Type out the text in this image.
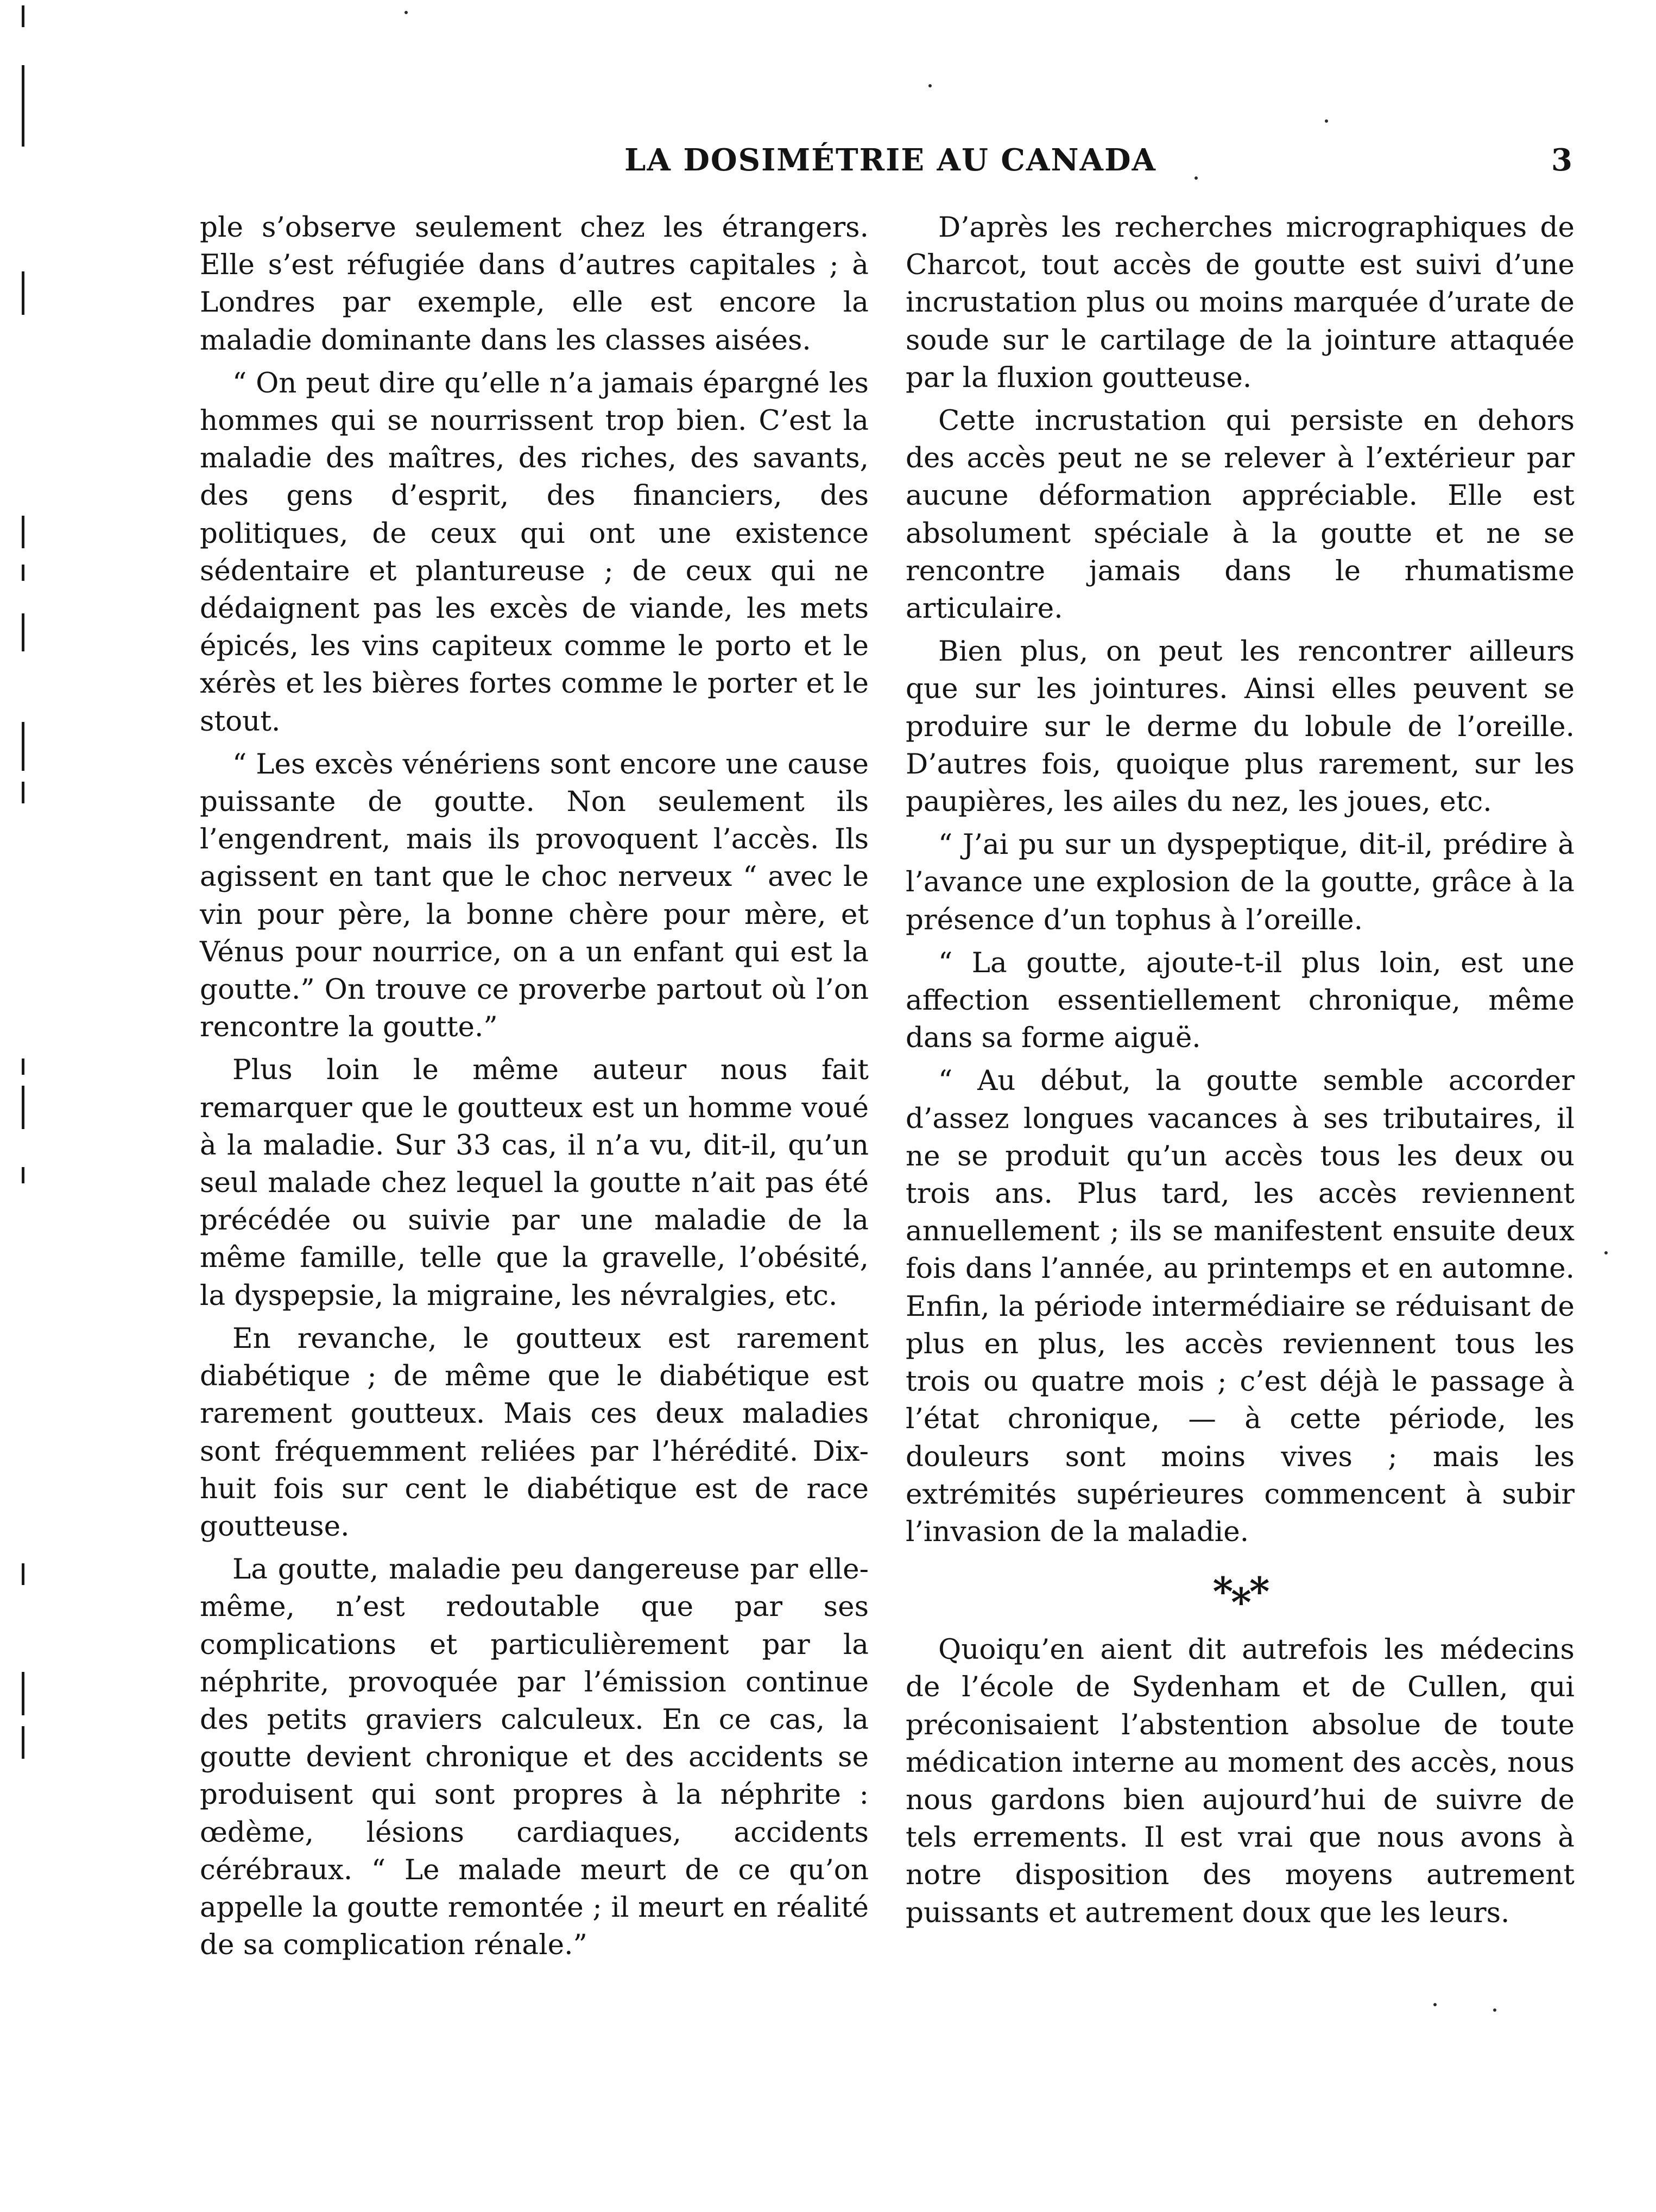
LA DOSIMÉTRIE AU CANADA	3

ple s’observe seulement chez les étrangers. Elle s’est réfugiée dans d’autres capitales ; à Londres par exemple, elle est encore la maladie dominante dans les classes aisées.

“ On peut dire qu’elle n’a jamais épargné les hommes qui se nourrissent trop bien. C’est la maladie des maîtres, des riches, des savants, des gens d’esprit, des financiers, des politiques, de ceux qui ont une existence sédentaire et plantureuse ; de ceux qui ne dédaignent pas les excès de viande, les mets épicés, les vins capiteux comme le porto et le xérès et les bières fortes comme le porter et le stout.

“ Les excès vénériens sont encore une cause puissante de goutte. Non seulement ils l’engendrent, mais ils provoquent l’accès. Ils agissent en tant que le choc nerveux “ avec le vin pour père, la bonne chère pour mère, et Vénus pour nourrice, on a un enfant qui est la goutte.” On trouve ce proverbe partout où l’on rencontre la goutte.”

Plus loin le même auteur nous fait remarquer que le goutteux est un homme voué à la maladie. Sur 33 cas, il n’a vu, dit-il, qu’un seul malade chez lequel la goutte n’ait pas été précédée ou suivie par une maladie de la même famille, telle que la gravelle, l’obésité, la dyspepsie, la migraine, les névralgies, etc.

En revanche, le goutteux est rarement diabétique ; de même que le diabétique est rarement goutteux. Mais ces deux maladies sont fréquemment reliées par l’hérédité. Dix-huit fois sur cent le diabétique est de race goutteuse.

La goutte, maladie peu dangereuse par elle-même, n’est redoutable que par ses complications et particulièrement par la néphrite, provoquée par l’émission continue des petits graviers calculeux. En ce cas, la goutte devient chronique et des accidents se produisent qui sont propres à la néphrite : œdème, lésions cardiaques, accidents cérébraux. “ Le malade meurt de ce qu’on appelle la goutte remontée ; il meurt en réalité de sa complication rénale.”

D’après les recherches micrographiques de Charcot, tout accès de goutte est suivi d’une incrustation plus ou moins marquée d’urate de soude sur le cartilage de la jointure attaquée par la fluxion goutteuse.

Cette incrustation qui persiste en dehors des accès peut ne se relever à l’extérieur par aucune déformation appréciable. Elle est absolument spéciale à la goutte et ne se rencontre jamais dans le rhumatisme articulaire.

Bien plus, on peut les rencontrer ailleurs que sur les jointures. Ainsi elles peuvent se produire sur le derme du lobule de l’oreille. D’autres fois, quoique plus rarement, sur les paupières, les ailes du nez, les joues, etc.

“ J’ai pu sur un dyspeptique, dit-il, prédire à l’avance une explosion de la goutte, grâce à la présence d’un tophus à l’oreille.

“ La goutte, ajoute-t-il plus loin, est une affection essentiellement chronique, même dans sa forme aiguë.

“ Au début, la goutte semble accorder d’assez longues vacances à ses tributaires, il ne se produit qu’un accès tous les deux ou trois ans. Plus tard, les accès reviennent annuellement ; ils se manifestent ensuite deux fois dans l’année, au printemps et en automne. Enfin, la période intermédiaire se réduisant de plus en plus, les accès reviennent tous les trois ou quatre mois ; c’est déjà le passage à l’état chronique, — à cette période, les douleurs sont moins vives ; mais les extrémités supérieures commencent à subir l’invasion de la maladie.

*⁎*

Quoiqu’en aient dit autrefois les médecins de l’école de Sydenham et de Cullen, qui préconisaient l’abstention absolue de toute médication interne au moment des accès, nous nous gardons bien aujourd’hui de suivre de tels errements. Il est vrai que nous avons à notre disposition des moyens autrement puissants et autrement doux que les leurs.
